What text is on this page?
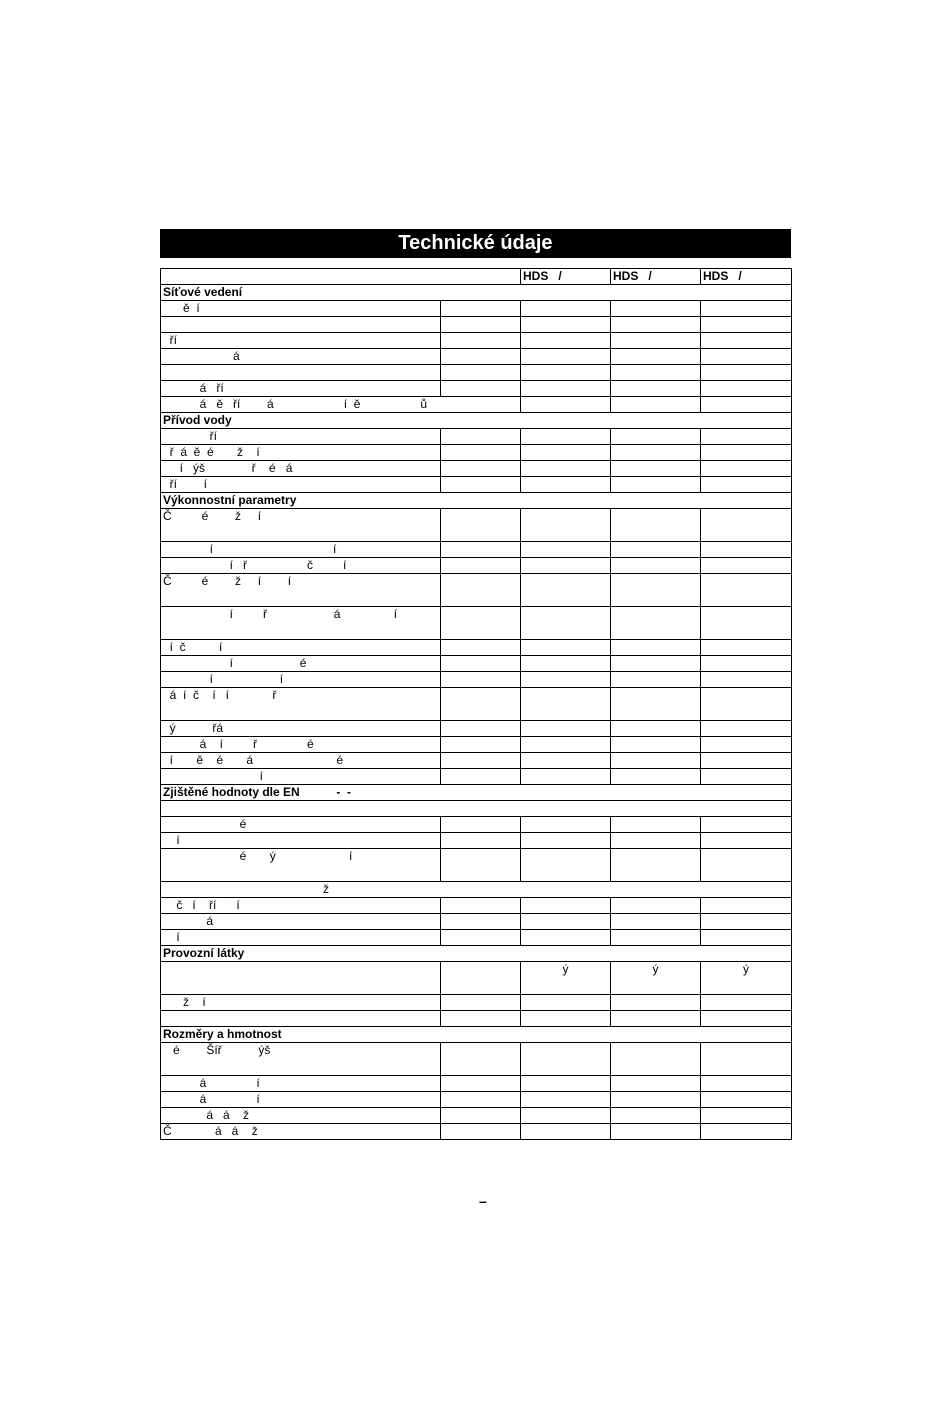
Technické údaje
		HDS   /	HDS   /	HDS   /
Síťové vedení				
ě  í				

ří				
á				

á   ří				
á   ě   ří        á                     í  ě                  ů				
Přívod vody				
ří				
ř  á  ě  é       ž    í				
í   ýš              ř    é   á				
ří        í				
Výkonnostní parametry				
Č         é        ž     í				
í                                    í				
í   ř                  č         í				
Č         é        ž     í        í				
í         ř                    á                í				
í  č          í				
í                    é				
í                    í				
á  í  č    í   í             ř				
ý           řá				
á    í         ř               é				
í       ě    é       á                         é				
í				
Zjištěné hodnoty dle EN           -  -				

é				
í				
é       ý                      í				
ž				
č   í    ří      í				
á				
í				
Provozní látky				
		ý	ý	ý
ž    í				

Rozměry a hmotnost				
é        Šíř           ýš				
á               í				
á               í				
á   á    ž				
Č             á   á    ž				
–
